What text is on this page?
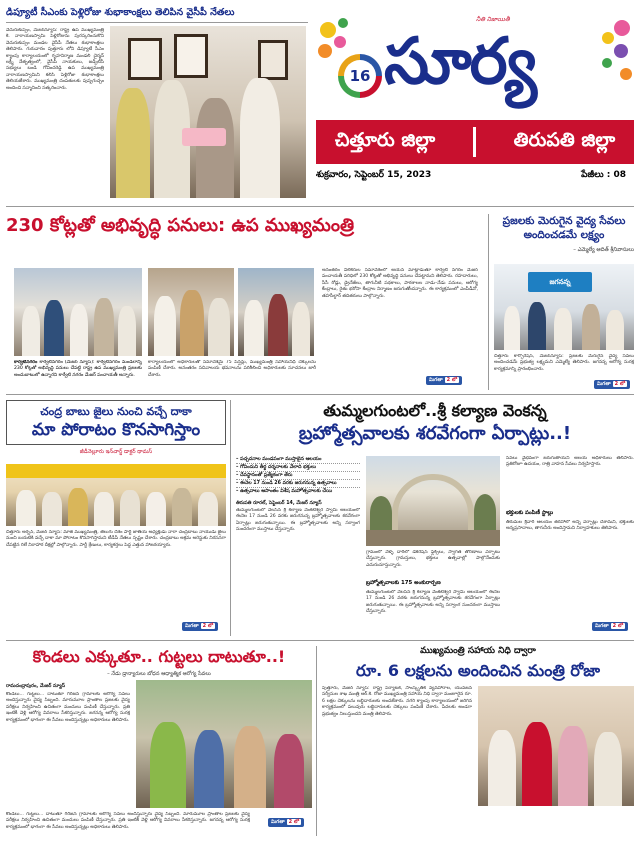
డిప్యూటీ సీఎంకు పెళ్లిరోజు శుభాకాంక్షలు తెలిపిన వైసీపీ నేతలు
వెదురుకుప్పం, మేజర్‌న్యూస్: రాష్ట్ర ఉప ముఖ్యమంత్రి కె. నారాయణస్వామి పెళ్లిరోజును పురస్కరించుకొని వెదురుకుప్పం మండల వైసీపీ నేతలు శుభాకాంక్షలు తెలిపారు. గురువారం పుత్తూరు లోని డిప్యూటీ సీఎం క్యాంపు కార్యాలయంలో గృహనిర్మాణ మండలి చైర్మన్ లక్ష్మీ నేతృత్వంలో, వైసీపీ నాయకులు, జడ్పీటీసీ సభ్యులు బండి గోవిందరెడ్డి ఉప ముఖ్యమంత్రి నారాయణస్వామిని కలిసి పెళ్లిరోజు శుభాకాంక్షలు తెలియజేశారు. ముఖ్యమంత్రి దంపతులకు పుష్పగుచ్చం అందించి సన్మానించి సత్కరించారు.
నీతి నిజాయితీ
16 సూర్య
చిత్తూరు జిల్లా	తిరుపతి జిల్లా
శుక్రవారం, సెప్టెంబర్ 15, 2023	పేజీలు : 08
230 కోట్లతో అభివృద్ధి పనులు: ఉప ముఖ్యమంత్రి
కార్వేటినగరం కార్వేటినగరం (మేజర్ న్యూస్): కార్వేటినగరం మండలాన్ని 230 కోట్లతో అభివృద్ధి పనులు చేపట్టి రాష్ట్ర ఉప ముఖ్యమంత్రి ప్రజలకు అందుబాటులో ఉన్నారని కార్వేటి నగరం మేజర్ పంచాయతీ అన్నారు.
కార్యాలయంలో అధికారులతో సమావేశమై 75 పెన్షన్లు, ముఖ్యమంత్రి సహాయనిధి చెక్కులను పంపిణీ చేశారు. అనంతరం సచివాలయ భవనాలను పరిశీలించి అధికారులకు సూచనలు జారీ చేశారు.
అనంతరం విలేకరుల సమావేశంలో ఆయన మాట్లాడుతూ కార్వేటి నగరం మేజర్ పంచాయతీ పరిధిలో 230 కోట్లతో అభివృద్ధి పనులు చేపట్టామని తెలిపారు. రహదారులు, సీసీ రోడ్లు, డ్రైనేజీలు, తాగునీటి పథకాలు, పాఠశాలల నాడు–నేడు పనులు, ఆరోగ్య కేంద్రాలు, రైతు భరోసా కేంద్రాల నిర్మాణం జరుగుతోందన్నారు. ఈ కార్యక్రమంలో ఎంపీడీవో, తహసీల్దార్ తదితరులు పాల్గొన్నారు.
మిగతా 2 లో
ప్రజలకు మెరుగైన వైద్య సేవలు అందించడమే లక్ష్యం
– ఎమ్మెల్యే ఆదిత్ శ్రీనివాసులు
జగనన్న
చిత్తూరు కార్పొరేషన్, మేజర్‌న్యూస్: ప్రజలకు మెరుగైన వైద్య సేవలు అందించడమే ప్రభుత్వ లక్ష్యమని ఎమ్మెల్యే తెలిపారు. జగనన్న ఆరోగ్య సురక్ష కార్యక్రమాన్ని ప్రారంభించారు.
మిగతా 2 లో
చంద్ర బాబు జైలు నుంచి వచ్చే దాకా
మా పోరాటం కొనసాగిస్తాం
జీడీనెల్లూరు ఇన్‌చార్జ్ డాక్టర్ థామస్
చిత్తూరు అర్బన్, మేజర్ న్యూస్: మాజీ ముఖ్యమంత్రి, తెలుగు దేశం పార్టీ జాతీయ అధ్యక్షుడు నారా చంద్రబాబు నాయుడు జైలు నుంచి బయటికి వచ్చే దాకా మా పోరాటం కొనసాగిస్తామని టీడీపీ నేతలు స్పష్టం చేశారు. చంద్రబాబు అక్రమ అరెస్టుకు నిరసనగా చేపట్టిన రిలే నిరాహార దీక్షల్లో పాల్గొన్నారు. పార్టీ శ్రేణులు, కార్యకర్తలు పెద్ద ఎత్తున హాజరయ్యారు.
మిగతా 2 లో
తుమ్మలగుంటలో..శ్రీ కల్యాణ వెంకన్న
బ్రహ్మోత్సవాలకు శరవేగంగా ఏర్పాట్లు..!
– పచ్చదనాల మండపంగా ముస్తాబైన ఆలయం
– గోవిందుని తీర్థ దర్శనాలకు వేలాది భక్తులు
– దేవస్థానంతో ప్రత్యేకంగా తేరు
– ఈనెల 17 నుండి 26 వరకు జరుగనున్న ఉత్సవాలు
– ఉత్సవాలు ఆసాంతం విశేష మహోత్సవాలకు చేయి
తిరుపతి రూరల్, సెప్టెంబర్ 14, మేజర్ న్యూస్
తుమ్మలగుంటలో వెలసిన శ్రీ కల్యాణ వెంకటేశ్వర స్వామి ఆలయంలో ఈనెల 17 నుండి 26 వరకు జరుగనున్న బ్రహ్మోత్సవాలకు శరవేగంగా ఏర్పాట్లు జరుగుతున్నాయి. ఈ బ్రహ్మోత్సవాలకు అన్ని సర్వాంగ సుందరంగా ముస్తాబు చేస్తున్నారు.
బ్రహ్మోత్సవాలకు 175 అంకురార్పణ
గ్రామంలో వెళ్ళే దారిలో డెకరేషన్ ఫ్లెక్సీలు, స్వాగత తోరణాలు ఏర్పాటు చేస్తున్నారు. గ్రామస్తులు, భక్తులు ఉత్సవాల్లో పాల్గొనేందుకు ఎదురుచూస్తున్నారు.
తుమ్మలగుంటలో వెలసిన శ్రీ కల్యాణ వెంకటేశ్వర స్వామి ఆలయంలో ఈనెల 17 నుండి 26 వరకు జరుగనున్న బ్రహ్మోత్సవాలకు శరవేగంగా ఏర్పాట్లు జరుగుతున్నాయి. ఈ బ్రహ్మోత్సవాలకు అన్ని సర్వాంగ సుందరంగా ముస్తాబు చేస్తున్నారు.
సేవలు వైభవంగా జరుగుతాయని ఆలయ అధికారులు తెలిపారు. ప్రతిరోజూ ఉదయం, రాత్రి వాహన సేవలు నిర్వహిస్తారు.
భక్తులకు పంపిణీ స్టాల్లు
తిరుమల శ్రీవారి ఆలయం తరహాలో అన్ని ఏర్పాట్లు చేశామని, భక్తులకు అన్నప్రసాదాలు, తాగునీరు అందిస్తామని నిర్వాహకులు తెలిపారు.
మిగతా 2 లో
కొండలు ఎక్కుతూ.. గుట్టలు దాటుతూ..!
– నేడు డ్రాన్యారులు బోధన ఆధ్యాత్మిక ఆరోగ్య సేవలు
రామచంద్రాపురం, మేజర్ న్యూస్
కొండలు... గుట్టలు... దాటుతూ గిరిజన గ్రామాలకు ఆరోగ్య సేవలు అందిస్తున్నారు వైద్య సిబ్బంది. మారుమూల ప్రాంతాల ప్రజలకు వైద్య పరీక్షలు నిర్వహించి ఉచితంగా మందులు పంపిణీ చేస్తున్నారు. ప్రతి ఇంటికీ వెళ్లి ఆరోగ్య వివరాలు సేకరిస్తున్నారు. జగనన్న ఆరోగ్య సురక్ష కార్యక్రమంలో భాగంగా ఈ సేవలు అందిస్తున్నట్లు అధికారులు తెలిపారు.
కొండలు... గుట్టలు... దాటుతూ గిరిజన గ్రామాలకు ఆరోగ్య సేవలు అందిస్తున్నారు వైద్య సిబ్బంది. మారుమూల ప్రాంతాల ప్రజలకు వైద్య పరీక్షలు నిర్వహించి ఉచితంగా మందులు పంపిణీ చేస్తున్నారు. ప్రతి ఇంటికీ వెళ్లి ఆరోగ్య వివరాలు సేకరిస్తున్నారు. జగనన్న ఆరోగ్య సురక్ష కార్యక్రమంలో భాగంగా ఈ సేవలు అందిస్తున్నట్లు అధికారులు తెలిపారు.
మిగతా 2 లో
ముఖ్యమంత్రి సహాయ నిధి ద్వారా
రూ. 6 లక్షలను అందించిన మంత్రి రోజా
పుత్తూరు, మేజర్ న్యూస్: రాష్ట్ర పర్యాటక, సాంస్కృతిక వ్యవహారాల, యువజన సర్వీసుల శాఖ మంత్రి ఆర్.కె. రోజా ముఖ్యమంత్రి సహాయ నిధి ద్వారా మంజూరైన రూ. 6 లక్షల చెక్కులను లబ్ధిదారులకు అందజేశారు. నగరి క్యాంపు కార్యాలయంలో జరిగిన కార్యక్రమంలో పలువురు లబ్ధిదారులకు చెక్కులు పంపిణీ చేశారు. పేదలకు అండగా ప్రభుత్వం నిలుస్తుందని మంత్రి తెలిపారు.
